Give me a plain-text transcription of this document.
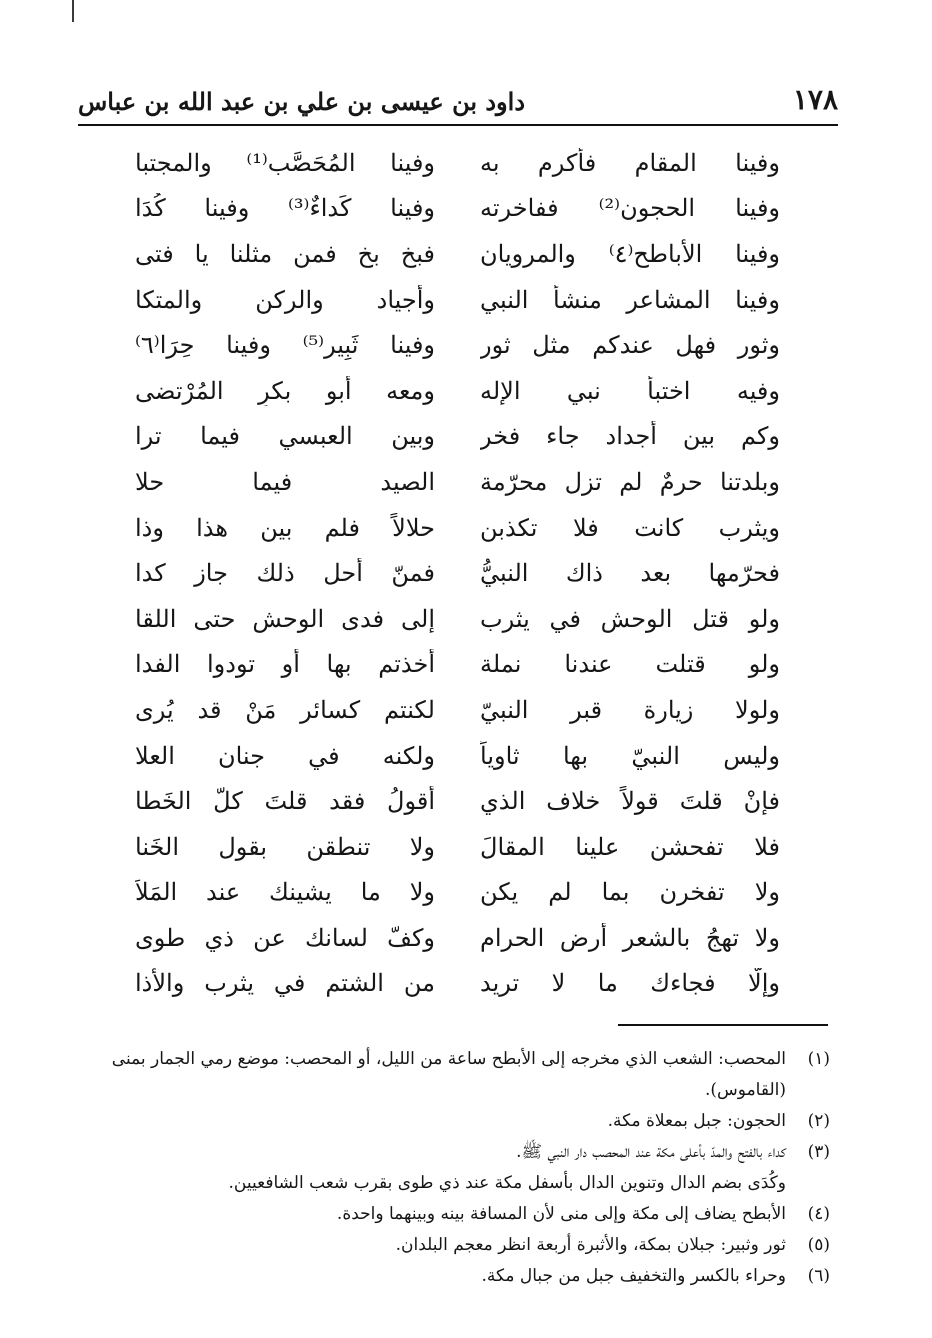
١٧٨
داود بن عيسى بن علي بن عبد الله بن عباس
وفينا المقام فأكرم به
وفينا المُحَصَّب⁽¹⁾ والمجتبا
وفينا الحجون⁽²⁾ ففاخرته
وفينا كَداءٌ⁽³⁾ وفينا كُدَا
وفينا الأباطح⁽٤⁾ والمرويان
فبخ بخ فمن مثلنا يا فتى
وفينا المشاعر منشأ النبي
وأجياد والركن والمتكا
وثور فهل عندكم مثل ثور
وفينا ثَبِير⁽⁵⁾ وفينا حِرَا⁽٦⁾
وفيه اختبأ نبي الإله
ومعه أبو بكرٍ المُرْتضى
وكم بين أجداد جاء فخر
وبين العبسي فيما ترا
وبلدتنا حرمٌ لم تزل محرّمة
الصيد فيما حلا
ويثرب كانت فلا تكذبن
حلالاً فلم بين هذا وذا
فحرّمها بعد ذاك النبيُّ
فمنّ أَحل ذلك جاز كدا
ولو قتل الوحش في يثرب
إلى فدى الوحش حتى اللقا
ولو قتلت عندنا نملة
أخذتم بها أو تودوا الفدا
ولولا زيارة قبر النبيّ
لكنتم كسائر مَنْ قد يُرى
وليس النبيّ بها ثاوياً
ولكنه في جنان العلا
فإنْ قلتَ قولاً خلاف الذي
أقولُ فقد قلتَ كلّ الخَطا
فلا تفحشن علينا المقالَ
ولا تنطقن بقول الخَنا
ولا تفخرن بما لم يكن
ولا ما يشينك عند المَلاَ
ولا تهجُ بالشعر أرض الحرام
وكفّ لسانك عن ذي طوى
وإلّا فجاءك ما لا تريد
من الشتم في يثرب والأذا
(١)
المحصب: الشعب الذي مخرجه إلى الأبطح ساعة من الليل، أو المحصب: موضع رمي الجمار بمنى (القاموس).
(٢)
الحجون: جبل بمعلاة مكة.
(٣)
كداء بالفتح والمدّ بأعلى مكة عند المحصب دار النبي ﷺ.
وكُدَى بضم الدال وتنوين الدال بأسفل مكة عند ذي طوى بقرب شعب الشافعيين.
(٤)
الأبطح يضاف إلى مكة وإلى منى لأن المسافة بينه وبينهما واحدة.
(٥)
ثور وثبير: جبلان بمكة، والأثبرة أربعة انظر معجم البلدان.
(٦)
وحراء بالكسر والتخفيف جبل من جبال مكة.
